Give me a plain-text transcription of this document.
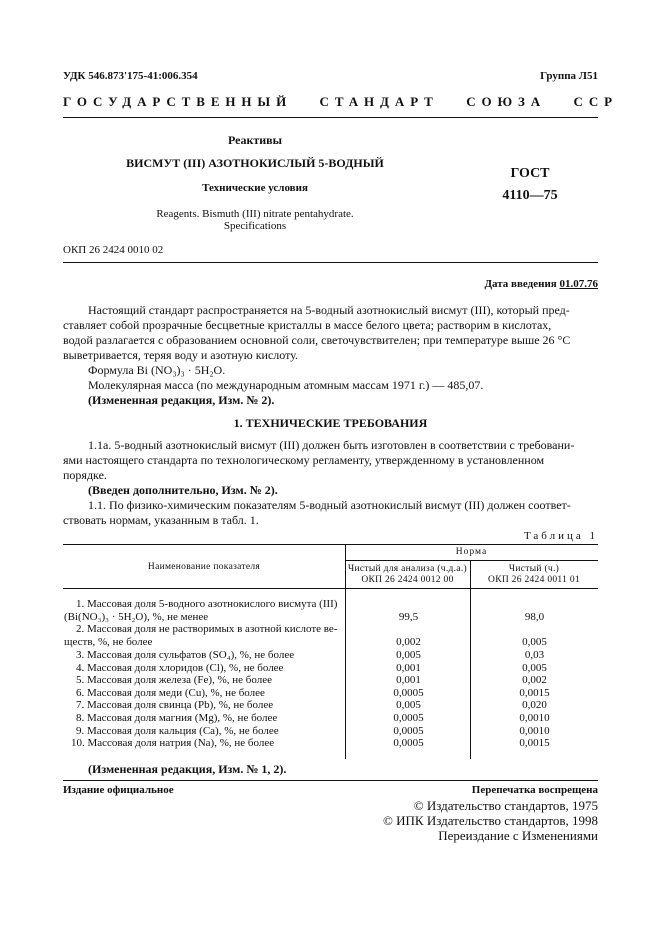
УДК 546.873'175-41:006.354	Группа Л51
ГОСУДАРСТВЕННЫЙ   СТАНДАРТ   СОЮЗА   ССР
Реактивы
ВИСМУТ (III) АЗОТНОКИСЛЫЙ 5-ВОДНЫЙ
Технические условия
Reagents. Bismuth (III) nitrate pentahydrate.
Specifications
ГОСТ
4110—75
ОКП 26 2424 0010 02
Дата введения 01.07.76
Настоящий стандарт распространяется на 5-водный азотнокислый висмут (III), который пред-
ставляет собой прозрачные бесцветные кристаллы в массе белого цвета; растворим в кислотах,
водой разлагается с образованием основной соли, светочувствителен; при температуре выше 26 °С
выветривается, теряя воду и азотную кислоту.
Формула Bi (NO₃)₃ · 5H₂O.
Молекулярная масса (по международным атомным массам 1971 г.) — 485,07.
(Измененная редакция, Изм. № 2).
1. ТЕХНИЧЕСКИЕ ТРЕБОВАНИЯ
1.1a. 5-водный азотнокислый висмут (III) должен быть изготовлен в соответствии с требовани-
ями настоящего стандарта по технологическому регламенту, утвержденному в установленном
порядке.
(Введен дополнительно, Изм. № 2).
1.1. По физико-химическим показателям 5-водный азотнокислый висмут (III) должен соответ-
ствовать нормам, указанным в табл. 1.
Таблица 1
Наименование показателя
Норма
Чистый для анализа (ч.д.а.)
ОКП 26 2424 0012 00
Чистый (ч.)
ОКП 26 2424 0011 01
1. Массовая доля 5-водного азотнокислого висмута (III)
(Bi(NO₃)₃ · 5H₂O), %, не менее	99,5	98,0
2. Массовая доля не растворимых в азотной кислоте ве-
ществ, %, не более	0,002	0,005
3. Массовая доля сульфатов (SO₄), %, не более	0,005	0,03
4. Массовая доля хлоридов (Cl), %, не более	0,001	0,005
5. Массовая доля железа (Fe), %, не более	0,001	0,002
6. Массовая доля меди (Cu), %, не более	0,0005	0,0015
7. Массовая доля свинца (Pb), %, не более	0,005	0,020
8. Массовая доля магния (Mg), %, не более	0,0005	0,0010
9. Массовая доля кальция (Ca), %, не более	0,0005	0,0010
10. Массовая доля натрия (Na), %, не более	0,0005	0,0015
(Измененная редакция, Изм. № 1, 2).
Издание официальное	Перепечатка воспрещена
© Издательство стандартов, 1975
© ИПК Издательство стандартов, 1998
Переиздание с Изменениями
